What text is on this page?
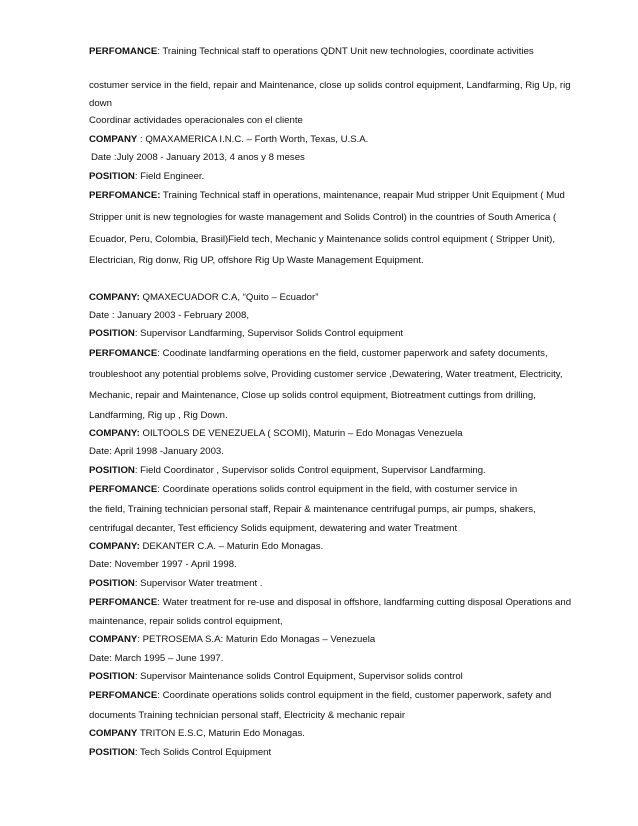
PERFOMANCE: Training Technical staff to operations QDNT Unit new technologies, coordinate activities
costumer service in the field, repair and Maintenance, close up solids control equipment, Landfarming, Rig Up, rig
down
Coordinar actividades operacionales con el cliente
COMPANY : QMAXAMERICA I.N.C. – Forth Worth, Texas, U.S.A.
Date :July 2008 - January 2013, 4 anos y 8 meses
POSITION: Field Engineer.
PERFOMANCE: Training Technical staff in operations, maintenance, reapair Mud stripper Unit Equipment ( Mud
Stripper unit is new tegnologies for waste management and Solids Control) in the countries of South America (
Ecuador, Peru, Colombia, Brasil)Field tech, Mechanic y Maintenance solids control equipment ( Stripper Unit),
Electrician, Rig donw, Rig UP, offshore Rig Up Waste Management Equipment.
COMPANY: QMAXECUADOR C.A, “Quito – Ecuador”
Date : January 2003 - February 2008,
POSITION: Supervisor Landfarming, Supervisor Solids Control equipment
PERFOMANCE: Coodinate landfarming operations en the field, customer paperwork and safety documents,
troubleshoot any potential problems solve, Providing customer service ,Dewatering, Water treatment, Electricity,
Mechanic, repair and Maintenance, Close up solids control equipment, Biotreatment cuttings from drilling,
Landfarming, Rig up , Rig Down.
COMPANY: OILTOOLS DE VENEZUELA ( SCOMI), Maturin – Edo Monagas Venezuela
Date: April 1998 -January 2003.
POSITION: Field Coordinator , Supervisor solids Control equipment, Supervisor Landfarming.
PERFOMANCE: Coordinate operations solids control equipment in the field, with costumer service in
the field, Training technician personal staff, Repair & maintenance centrifugal pumps, air pumps, shakers,
centrifugal decanter, Test efficiency Solids equipment, dewatering and water Treatment
COMPANY: DEKANTER C.A. – Maturin Edo Monagas.
Date: November 1997 - April 1998.
POSITION: Supervisor Water treatment .
PERFOMANCE: Water treatment for re-use and disposal in offshore, landfarming cutting disposal Operations and
maintenance, repair solids control equipment,
COMPANY: PETROSEMA S.A: Maturin Edo Monagas – Venezuela
Date: March 1995 – June 1997.
POSITION: Supervisor Maintenance solids Control Equipment, Supervisor solids control
PERFOMANCE: Coordinate operations solids control equipment in the field, customer paperwork, safety and
documents Training technician personal staff, Electricity & mechanic repair
COMPANY TRITON E.S.C, Maturin Edo Monagas.
POSITION: Tech Solids Control Equipment
